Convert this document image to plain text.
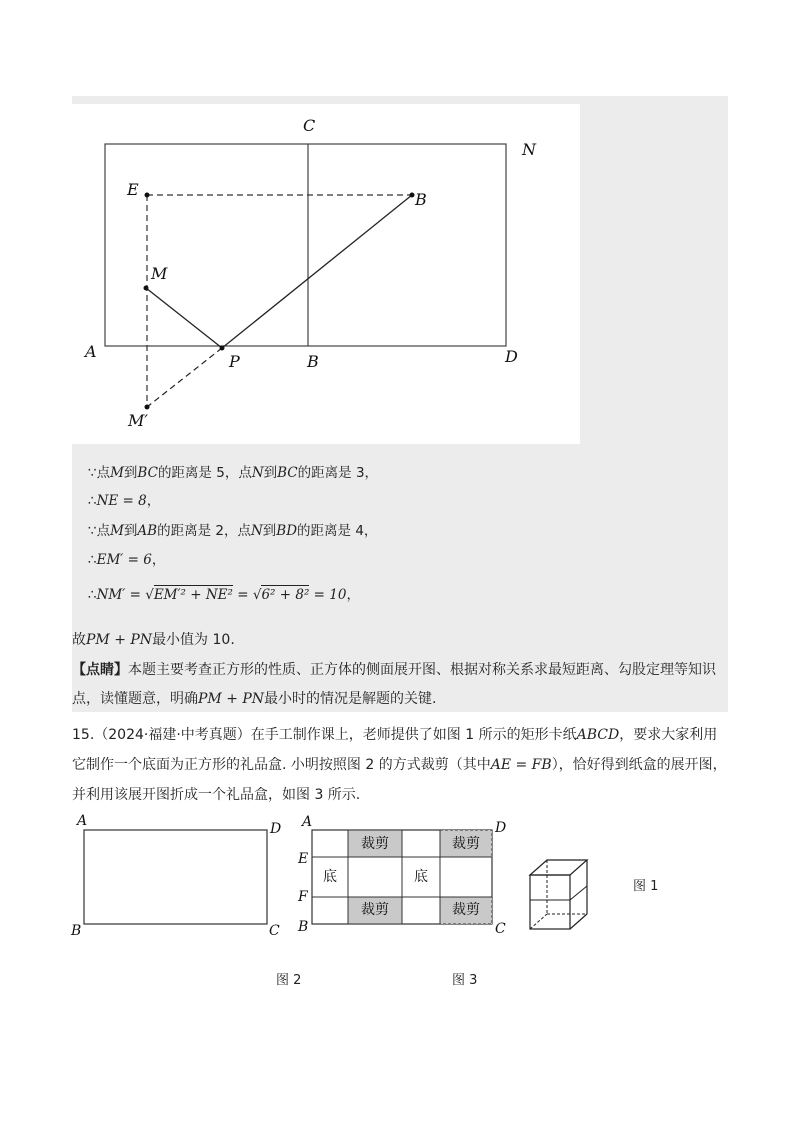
C
N
E
B
M
A
P	B	D
M′
∵点M到BC的距离是 5，点N到BC的距离是 3，
∴NE = 8，
∵点M到AB的距离是 2，点N到BD的距离是 4，
∴EM′ = 6，
∴NM′ = √EM′² + NE² = √6² + 8² = 10，
故PM + PN最小值为 10.
【点睛】本题主要考查正方形的性质、正方体的侧面展开图、根据对称关系求最短距离、勾股定理等知识
点，读懂题意，明确PM + PN最小时的情况是解题的关键.
15.（2024·福建·中考真题）在手工制作课上，老师提供了如图 1 所示的矩形卡纸ABCD，要求大家利用
它制作一个底面为正方形的礼品盒. 小明按照图 2 的方式裁剪（其中AE = FB），恰好得到纸盒的展开图，
并利用该展开图折成一个礼品盒，如图 3 所示.
A	D
B	C
A	D
E
F
B	C
裁剪	裁剪
底	底
裁剪	裁剪
图 1
图 2	图 3
